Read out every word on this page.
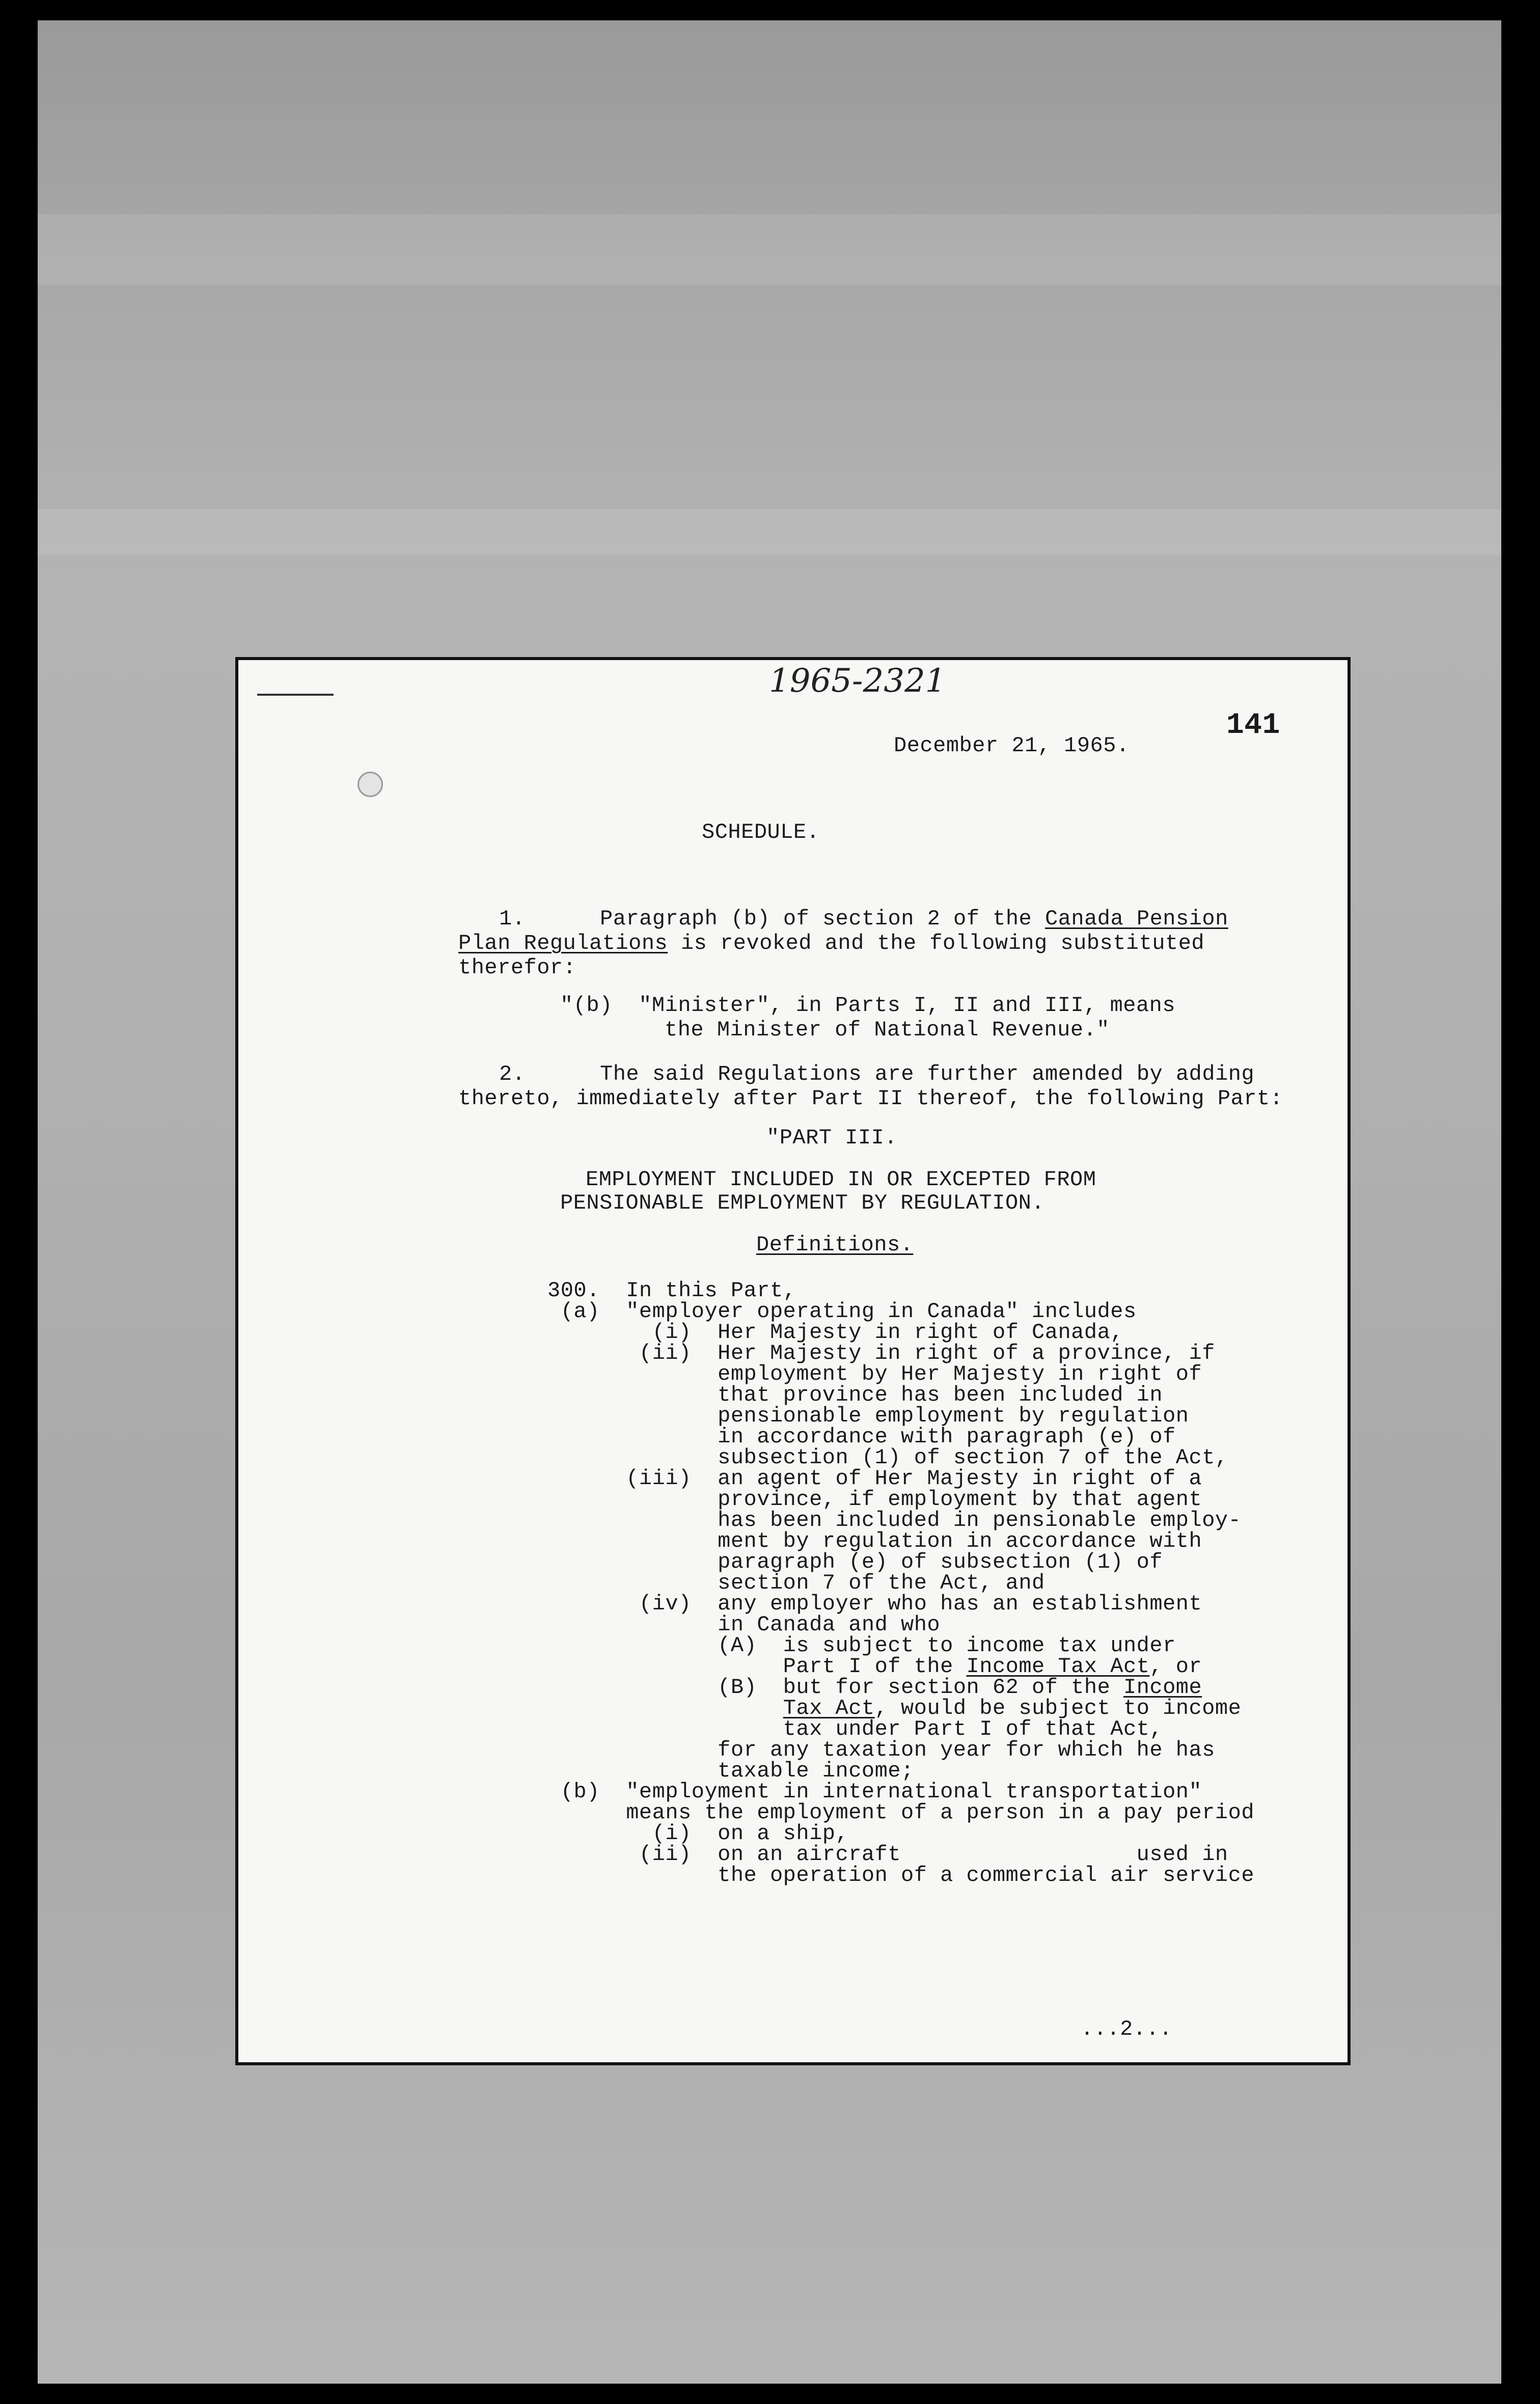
1965-2321
141
December 21, 1965.
SCHEDULE.
1.	Paragraph (b) of section 2 of the Canada Pension
Plan Regulations is revoked and the following substituted
therefor:
"(b)  "Minister", in Parts I, II and III, means
the Minister of National Revenue."
2.	The said Regulations are further amended by adding
thereto, immediately after Part II thereof, the following Part:
"PART III.
EMPLOYMENT INCLUDED IN OR EXCEPTED FROM
PENSIONABLE EMPLOYMENT BY REGULATION.
Definitions.
300.  In this Part,
(a)  "employer operating in Canada" includes
(i)  Her Majesty in right of Canada,
(ii)  Her Majesty in right of a province, if
employment by Her Majesty in right of
that province has been included in
pensionable employment by regulation
in accordance with paragraph (e) of
subsection (1) of section 7 of the Act,
(iii)  an agent of Her Majesty in right of a
province, if employment by that agent
has been included in pensionable employ-
ment by regulation in accordance with
paragraph (e) of subsection (1) of
section 7 of the Act, and
(iv)  any employer who has an establishment
in Canada and who
(A)  is subject to income tax under
Part I of the Income Tax Act, or
(B)  but for section 62 of the Income
Tax Act, would be subject to income
tax under Part I of that Act,
for any taxation year for which he has
taxable income;
(b)  "employment in international transportation"
means the employment of a person in a pay period
(i)  on a ship,
(ii)  on an aircraft                  used in
the operation of a commercial air service
...2...
